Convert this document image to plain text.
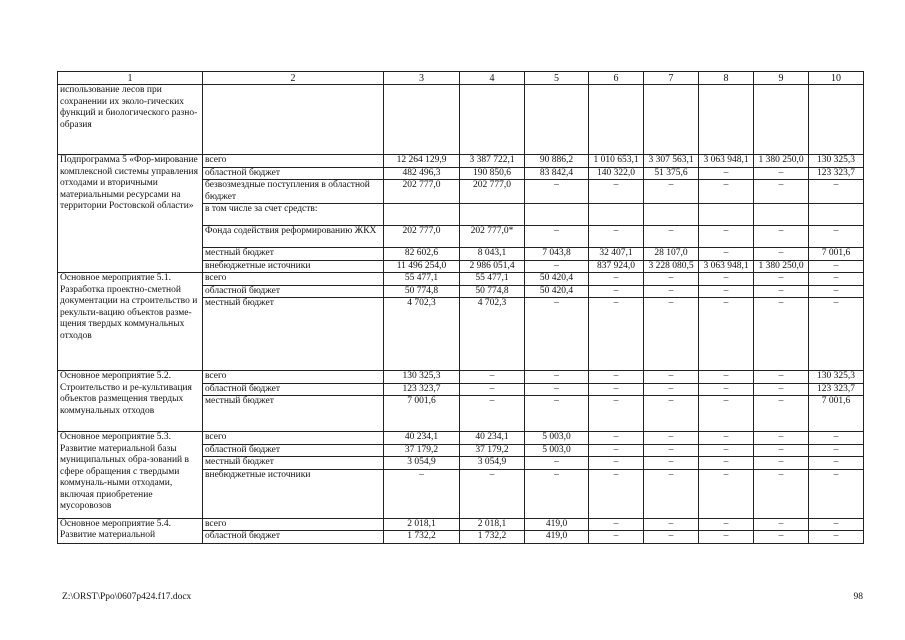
1	2	3	4	5	6	7	8	9	10
использование лесов при сохранении их эколо-гических функций и биологического разно-образия									
Подпрограмма 5 «Фор-мирование комплексной системы управления отходами и вторичными материальными ресурсами на территории Ростовской области»	всего	12 264 129,9	3 387 722,1	90 886,2	1 010 653,1	3 307 563,1	3 063 948,1	1 380 250,0	130 325,3
	областной бюджет	482 496,3	190 850,6	83 842,4	140 322,0	51 375,6	–	–	123 323,7
	безвозмездные поступления в областной бюджет	202 777,0	202 777,0	–	–	–	–	–	–
	в том числе за счет средств:								
	Фонда содействия реформированию ЖКХ	202 777,0	202 777,0*	–	–	–	–	–	–
	местный бюджет	82 602,6	8 043,1	7 043,8	32 407,1	28 107,0	–	–	7 001,6
	внебюджетные источники	11 496 254,0	2 986 051,4	–	837 924,0	3 228 080,5	3 063 948,1	1 380 250,0	–
Основное мероприятие 5.1. Разработка проектно-сметной документации на строительство и рекульти-вацию объектов разме-щения твердых коммунальных отходов	всего	55 477,1	55 477,1	50 420,4	–	–	–	–	–
	областной бюджет	50 774,8	50 774,8	50 420,4	–	–	–	–	–
	местный бюджет	4 702,3	4 702,3	–	–	–	–	–	–
Основное мероприятие 5.2. Строительство и ре-культивация объектов размещения твердых коммунальных отходов	всего	130 325,3	–	–	–	–	–	–	130 325,3
	областной бюджет	123 323,7	–	–	–	–	–	–	123 323,7
	местный бюджет	7 001,6	–	–	–	–	–	–	7 001,6
Основное мероприятие 5.3. Развитие материальной базы муниципальных обра-зований в сфере обращения с твердыми коммуналь-ными отходами, включая приобретение мусоровозов	всего	40 234,1	40 234,1	5 003,0	–	–	–	–	–
	областной бюджет	37 179,2	37 179,2	5 003,0	–	–	–	–	–
	местный бюджет	3 054,9	3 054,9	–	–	–	–	–	–
	внебюджетные источники	–	–	–	–	–	–	–	–
Основное мероприятие 5.4. Развитие материальной	всего	2 018,1	2 018,1	419,0	–	–	–	–	–
	областной бюджет	1 732,2	1 732,2	419,0	–	–	–	–	–
Z:\ORST\Ppo\0607p424.f17.docx	98
